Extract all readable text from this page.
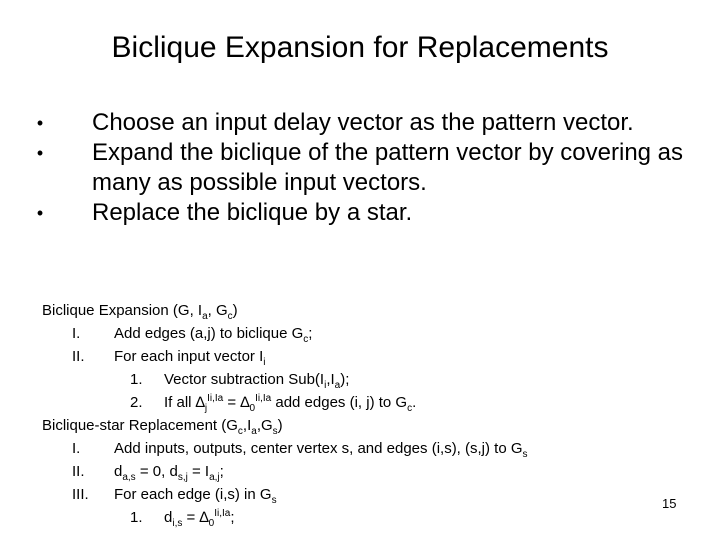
Biclique Expansion for Replacements
• Choose an input delay vector as the pattern vector.
• Expand the biclique of the pattern vector by covering as many as possible input vectors.
• Replace the biclique by a star.
Biclique Expansion (G, $I_a$, $G_c$)
I. Add edges (a,j) to biclique $G_c$;
II. For each input vector $I_i$
1. Vector subtraction $Sub(I_i,I_a)$;
2. If all $\Delta_j^{Ii,Ia} = \Delta_0^{Ii,Ia}$ add edges (i, j) to $G_c$.
Biclique-star Replacement $(G_c,I_a,G_s)$
I. Add inputs, outputs, center vertex s, and edges (i,s), (s,j) to $G_s$
II. $d_{a,s} = 0$, $d_{s,j} = I_{a,j}$;
III. For each edge (i,s) in $G_s$
1. $d_{i,s} = \Delta_0^{Ii,Ia}$;
15
